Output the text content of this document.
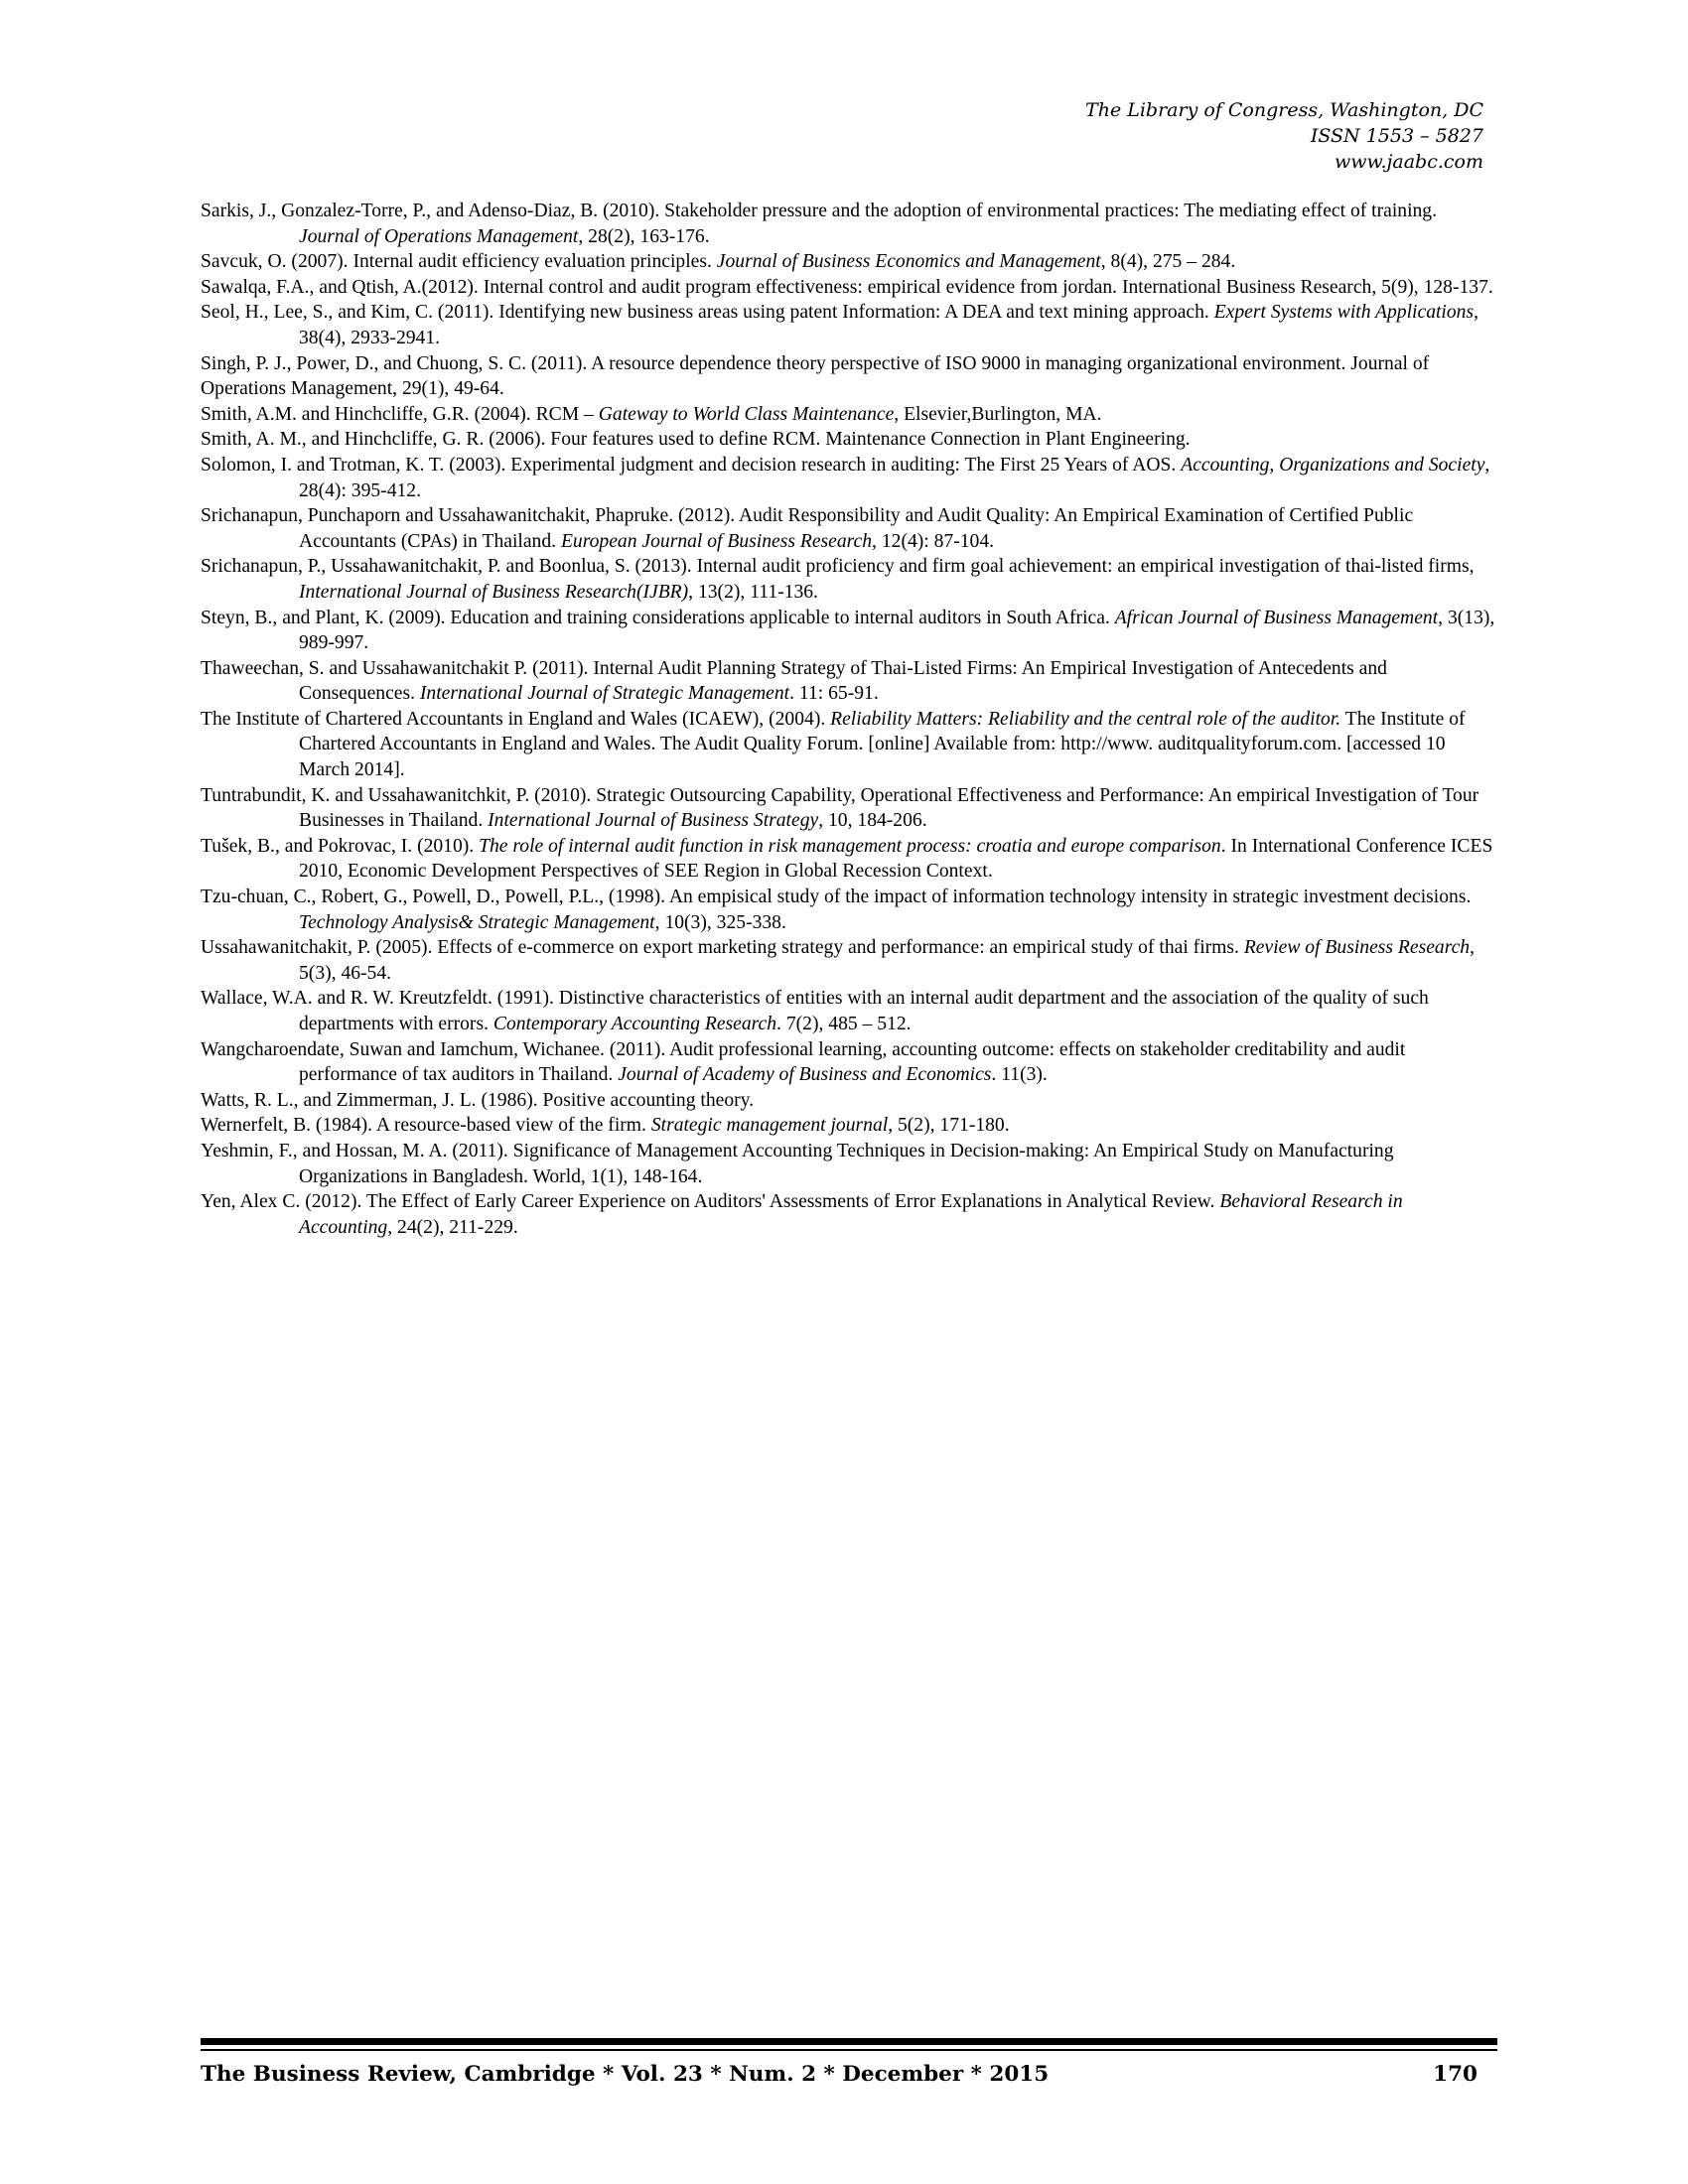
The Library of Congress, Washington, DC
ISSN 1553 – 5827
www.jaabc.com

Sarkis, J., Gonzalez-Torre, P., and Adenso-Diaz, B. (2010). Stakeholder pressure and the adoption of environmental practices: The mediating effect of training. Journal of Operations Management, 28(2), 163-176.

Savcuk, O. (2007). Internal audit efficiency evaluation principles. Journal of Business Economics and Management, 8(4), 275 – 284.

Sawalqa, F.A., and Qtish, A.(2012). Internal control and audit program effectiveness: empirical evidence from jordan. International Business Research, 5(9), 128-137.

Seol, H., Lee, S., and Kim, C. (2011). Identifying new business areas using patent Information: A DEA and text mining approach. Expert Systems with Applications, 38(4), 2933-2941.

Singh, P. J., Power, D., and Chuong, S. C. (2011). A resource dependence theory perspective of ISO 9000 in managing organizational environment. Journal of Operations Management, 29(1), 49-64.

Smith, A.M. and Hinchcliffe, G.R. (2004). RCM – Gateway to World Class Maintenance, Elsevier,Burlington, MA.

Smith, A. M., and Hinchcliffe, G. R. (2006). Four features used to define RCM. Maintenance Connection in Plant Engineering.

Solomon, I. and Trotman, K. T. (2003). Experimental judgment and decision research in auditing: The First 25 Years of AOS. Accounting, Organizations and Society, 28(4): 395-412.

Srichanapun, Punchaporn and Ussahawanitchakit, Phapruke. (2012). Audit Responsibility and Audit Quality: An Empirical Examination of Certified Public Accountants (CPAs) in Thailand. European Journal of Business Research, 12(4): 87-104.

Srichanapun, P., Ussahawanitchakit, P. and Boonlua, S. (2013). Internal audit proficiency and firm goal achievement: an empirical investigation of thai-listed firms, International Journal of Business Research(IJBR), 13(2), 111-136.

Steyn, B., and Plant, K. (2009). Education and training considerations applicable to internal auditors in South Africa. African Journal of Business Management, 3(13), 989-997.

Thaweechan, S. and Ussahawanitchakit P. (2011). Internal Audit Planning Strategy of Thai-Listed Firms: An Empirical Investigation of Antecedents and Consequences. International Journal of Strategic Management. 11: 65-91.

The Institute of Chartered Accountants in England and Wales (ICAEW), (2004). Reliability Matters: Reliability and the central role of the auditor. The Institute of Chartered Accountants in England and Wales. The Audit Quality Forum. [online] Available from: http://www. auditqualityforum.com. [accessed 10 March 2014].

Tuntrabundit, K. and Ussahawanitchkit, P. (2010). Strategic Outsourcing Capability, Operational Effectiveness and Performance: An empirical Investigation of Tour Businesses in Thailand. International Journal of Business Strategy, 10, 184-206.

Tušek, B., and Pokrovac, I. (2010). The role of internal audit function in risk management process: croatia and europe comparison. In International Conference ICES 2010, Economic Development Perspectives of SEE Region in Global Recession Context.

Tzu-chuan, C., Robert, G., Powell, D., Powell, P.L., (1998). An empisical study of the impact of information technology intensity in strategic investment decisions. Technology Analysis& Strategic Management, 10(3), 325-338.

Ussahawanitchakit, P. (2005). Effects of e-commerce on export marketing strategy and performance: an empirical study of thai firms. Review of Business Research, 5(3), 46-54.

Wallace, W.A. and R. W. Kreutzfeldt. (1991). Distinctive characteristics of entities with an internal audit department and the association of the quality of such departments with errors. Contemporary Accounting Research. 7(2), 485 – 512.

Wangcharoendate, Suwan and Iamchum, Wichanee. (2011). Audit professional learning, accounting outcome: effects on stakeholder creditability and audit performance of tax auditors in Thailand. Journal of Academy of Business and Economics. 11(3).

Watts, R. L., and Zimmerman, J. L. (1986). Positive accounting theory.

Wernerfelt, B. (1984). A resource-based view of the firm. Strategic management journal, 5(2), 171-180.

Yeshmin, F., and Hossan, M. A. (2011). Significance of Management Accounting Techniques in Decision-making: An Empirical Study on Manufacturing Organizations in Bangladesh. World, 1(1), 148-164.

Yen, Alex C. (2012). The Effect of Early Career Experience on Auditors' Assessments of Error Explanations in Analytical Review. Behavioral Research in Accounting, 24(2), 211-229.

The Business Review, Cambridge * Vol. 23 * Num. 2 * December * 2015	170
